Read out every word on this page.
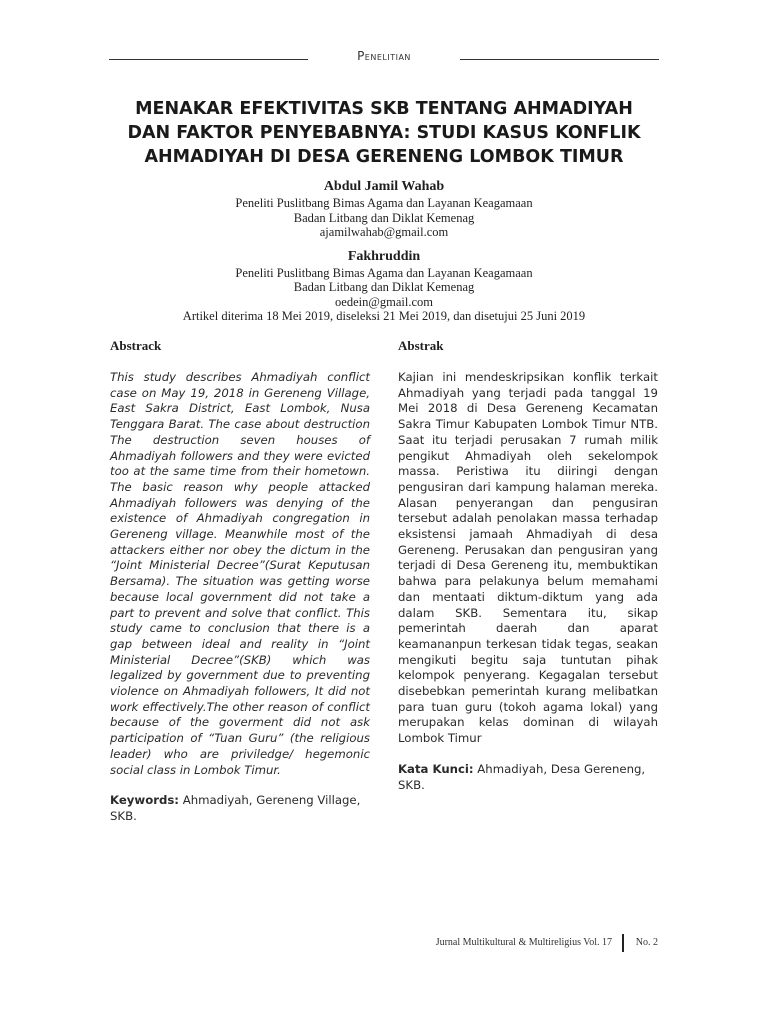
Penelitian
MENAKAR EFEKTIVITAS SKB TENTANG AHMADIYAH
DAN FAKTOR PENYEBABNYA: STUDI KASUS KONFLIK
AHMADIYAH DI DESA GERENENG LOMBOK TIMUR
Abdul Jamil Wahab
Peneliti Puslitbang Bimas Agama dan Layanan Keagamaan
Badan Litbang dan Diklat Kemenag
ajamilwahab@gmail.com
Fakhruddin
Peneliti Puslitbang Bimas Agama dan Layanan Keagamaan
Badan Litbang dan Diklat Kemenag
oedein@gmail.com
Artikel diterima 18 Mei 2019, diseleksi 21 Mei 2019, dan disetujui 25 Juni 2019
Abstrack

This study describes Ahmadiyah conflict case on May 19, 2018 in Gereneng Village, East Sakra District, East Lombok, Nusa Tenggara Barat. The case about destruction The destruction seven houses of Ahmadiyah followers and they were evicted too at the same time from their hometown. The basic reason why people attacked Ahmadiyah followers was denying of the existence of Ahmadiyah congregation in Gereneng village. Meanwhile most of the attackers either nor obey the dictum in the “Joint Ministerial Decree”(Surat Keputusan Bersama). The situation was getting worse because local government did not take a part to prevent and solve that conflict. This study came to conclusion that there is a gap between ideal and reality in “Joint Ministerial Decree”(SKB) which was legalized by government due to preventing violence on Ahmadiyah followers, It did not work effectively.The other reason of conflict because of the goverment did not ask participation of “Tuan Guru” (the religious leader) who are priviledge/ hegemonic social class in Lombok Timur.

Keywords: Ahmadiyah, Gereneng Village, SKB.

Abstrak

Kajian ini mendeskripsikan konflik terkait Ahmadiyah yang terjadi pada tanggal 19 Mei 2018 di Desa Gereneng Kecamatan Sakra Timur Kabupaten Lombok Timur NTB. Saat itu terjadi perusakan 7 rumah milik pengikut Ahmadiyah oleh sekelompok massa. Peristiwa itu diiringi dengan pengusiran dari kampung halaman mereka. Alasan penyerangan dan pengusiran tersebut adalah penolakan massa terhadap eksistensi jamaah Ahmadiyah di desa Gereneng. Perusakan dan pengusiran yang terjadi di Desa Gereneng itu, membuktikan bahwa para pelakunya belum memahami dan mentaati diktum-diktum yang ada dalam SKB. Sementara itu, sikap pemerintah daerah dan aparat keamananpun terkesan tidak tegas, seakan mengikuti begitu saja tuntutan pihak kelompok penyerang. Kegagalan tersebut disebebkan pemerintah kurang melibatkan para tuan guru (tokoh agama lokal) yang merupakan kelas dominan di wilayah Lombok Timur

Kata Kunci: Ahmadiyah, Desa Gereneng, SKB.

Jurnal Multikultural & Multireligius Vol. 17 No. 2
